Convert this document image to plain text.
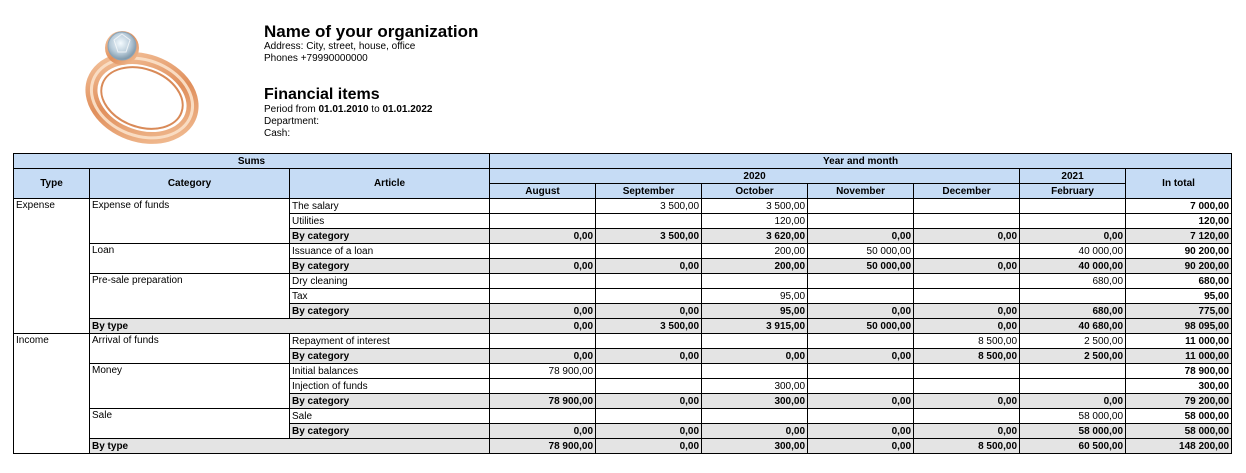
Name of your organization
Address: City, street, house, office
Phones +79990000000
Financial items
Period from 01.01.2010 to 01.01.2022
Department:
Cash:
Sums			Year and month						
Type	Category	Article	2020					2021	In total
			August	September	October	November	December	February	
Expense	Expense of funds	The salary		3 500,00	3 500,00				7 000,00
		Utilities			120,00				120,00
		By category	0,00	3 500,00	3 620,00	0,00	0,00	0,00	7 120,00
	Loan	Issuance of a loan			200,00	50 000,00		40 000,00	90 200,00
		By category	0,00	0,00	200,00	50 000,00	0,00	40 000,00	90 200,00
	Pre-sale preparation	Dry cleaning						680,00	680,00
		Tax			95,00				95,00
		By category	0,00	0,00	95,00	0,00	0,00	680,00	775,00
	By type		0,00	3 500,00	3 915,00	50 000,00	0,00	40 680,00	98 095,00
Income	Arrival of funds	Repayment of interest					8 500,00	2 500,00	11 000,00
		By category	0,00	0,00	0,00	0,00	8 500,00	2 500,00	11 000,00
	Money	Initial balances	78 900,00						78 900,00
		Injection of funds			300,00				300,00
		By category	78 900,00	0,00	300,00	0,00	0,00	0,00	79 200,00
	Sale	Sale						58 000,00	58 000,00
		By category	0,00	0,00	0,00	0,00	0,00	58 000,00	58 000,00
	By type		78 900,00	0,00	300,00	0,00	8 500,00	60 500,00	148 200,00
